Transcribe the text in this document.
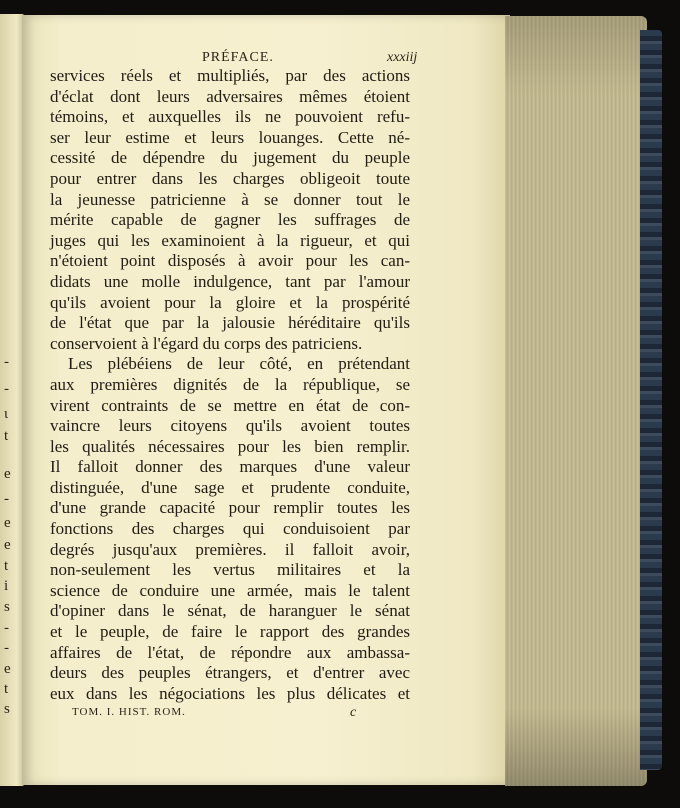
-
-
ι
t
e
-
e
e
t
i
s
-
-
e
t
s
PRÉFACE.	xxxiij
services réels et multipliés, par des actions
d'éclat dont leurs adversaires mêmes étoient
témoins, et auxquelles ils ne pouvoient refu-
ser leur estime et leurs louanges. Cette né-
cessité de dépendre du jugement du peuple
pour entrer dans les charges obligeoit toute
la jeunesse patricienne à se donner tout le
mérite capable de gagner les suffrages de
juges qui les examinoient à la rigueur, et qui
n'étoient point disposés à avoir pour les can-
didats une molle indulgence, tant par l'amour
qu'ils avoient pour la gloire et la prospérité
de l'état que par la jalousie héréditaire qu'ils
conservoient à l'égard du corps des patriciens.
Les plébéiens de leur côté, en prétendant
aux premières dignités de la république, se
virent contraints de se mettre en état de con-
vaincre leurs citoyens qu'ils avoient toutes
les qualités nécessaires pour les bien remplir.
Il falloit donner des marques d'une valeur
distinguée, d'une sage et prudente conduite,
d'une grande capacité pour remplir toutes les
fonctions des charges qui conduisoient par
degrés jusqu'aux premières. il falloit avoir,
non-seulement les vertus militaires et la
science de conduire une armée, mais le talent
d'opiner dans le sénat, de haranguer le sénat
et le peuple, de faire le rapport des grandes
affaires de l'état, de répondre aux ambassa-
deurs des peuples étrangers, et d'entrer avec
eux dans les négociations les plus délicates et
TOM. I. HIST. ROM.	c
